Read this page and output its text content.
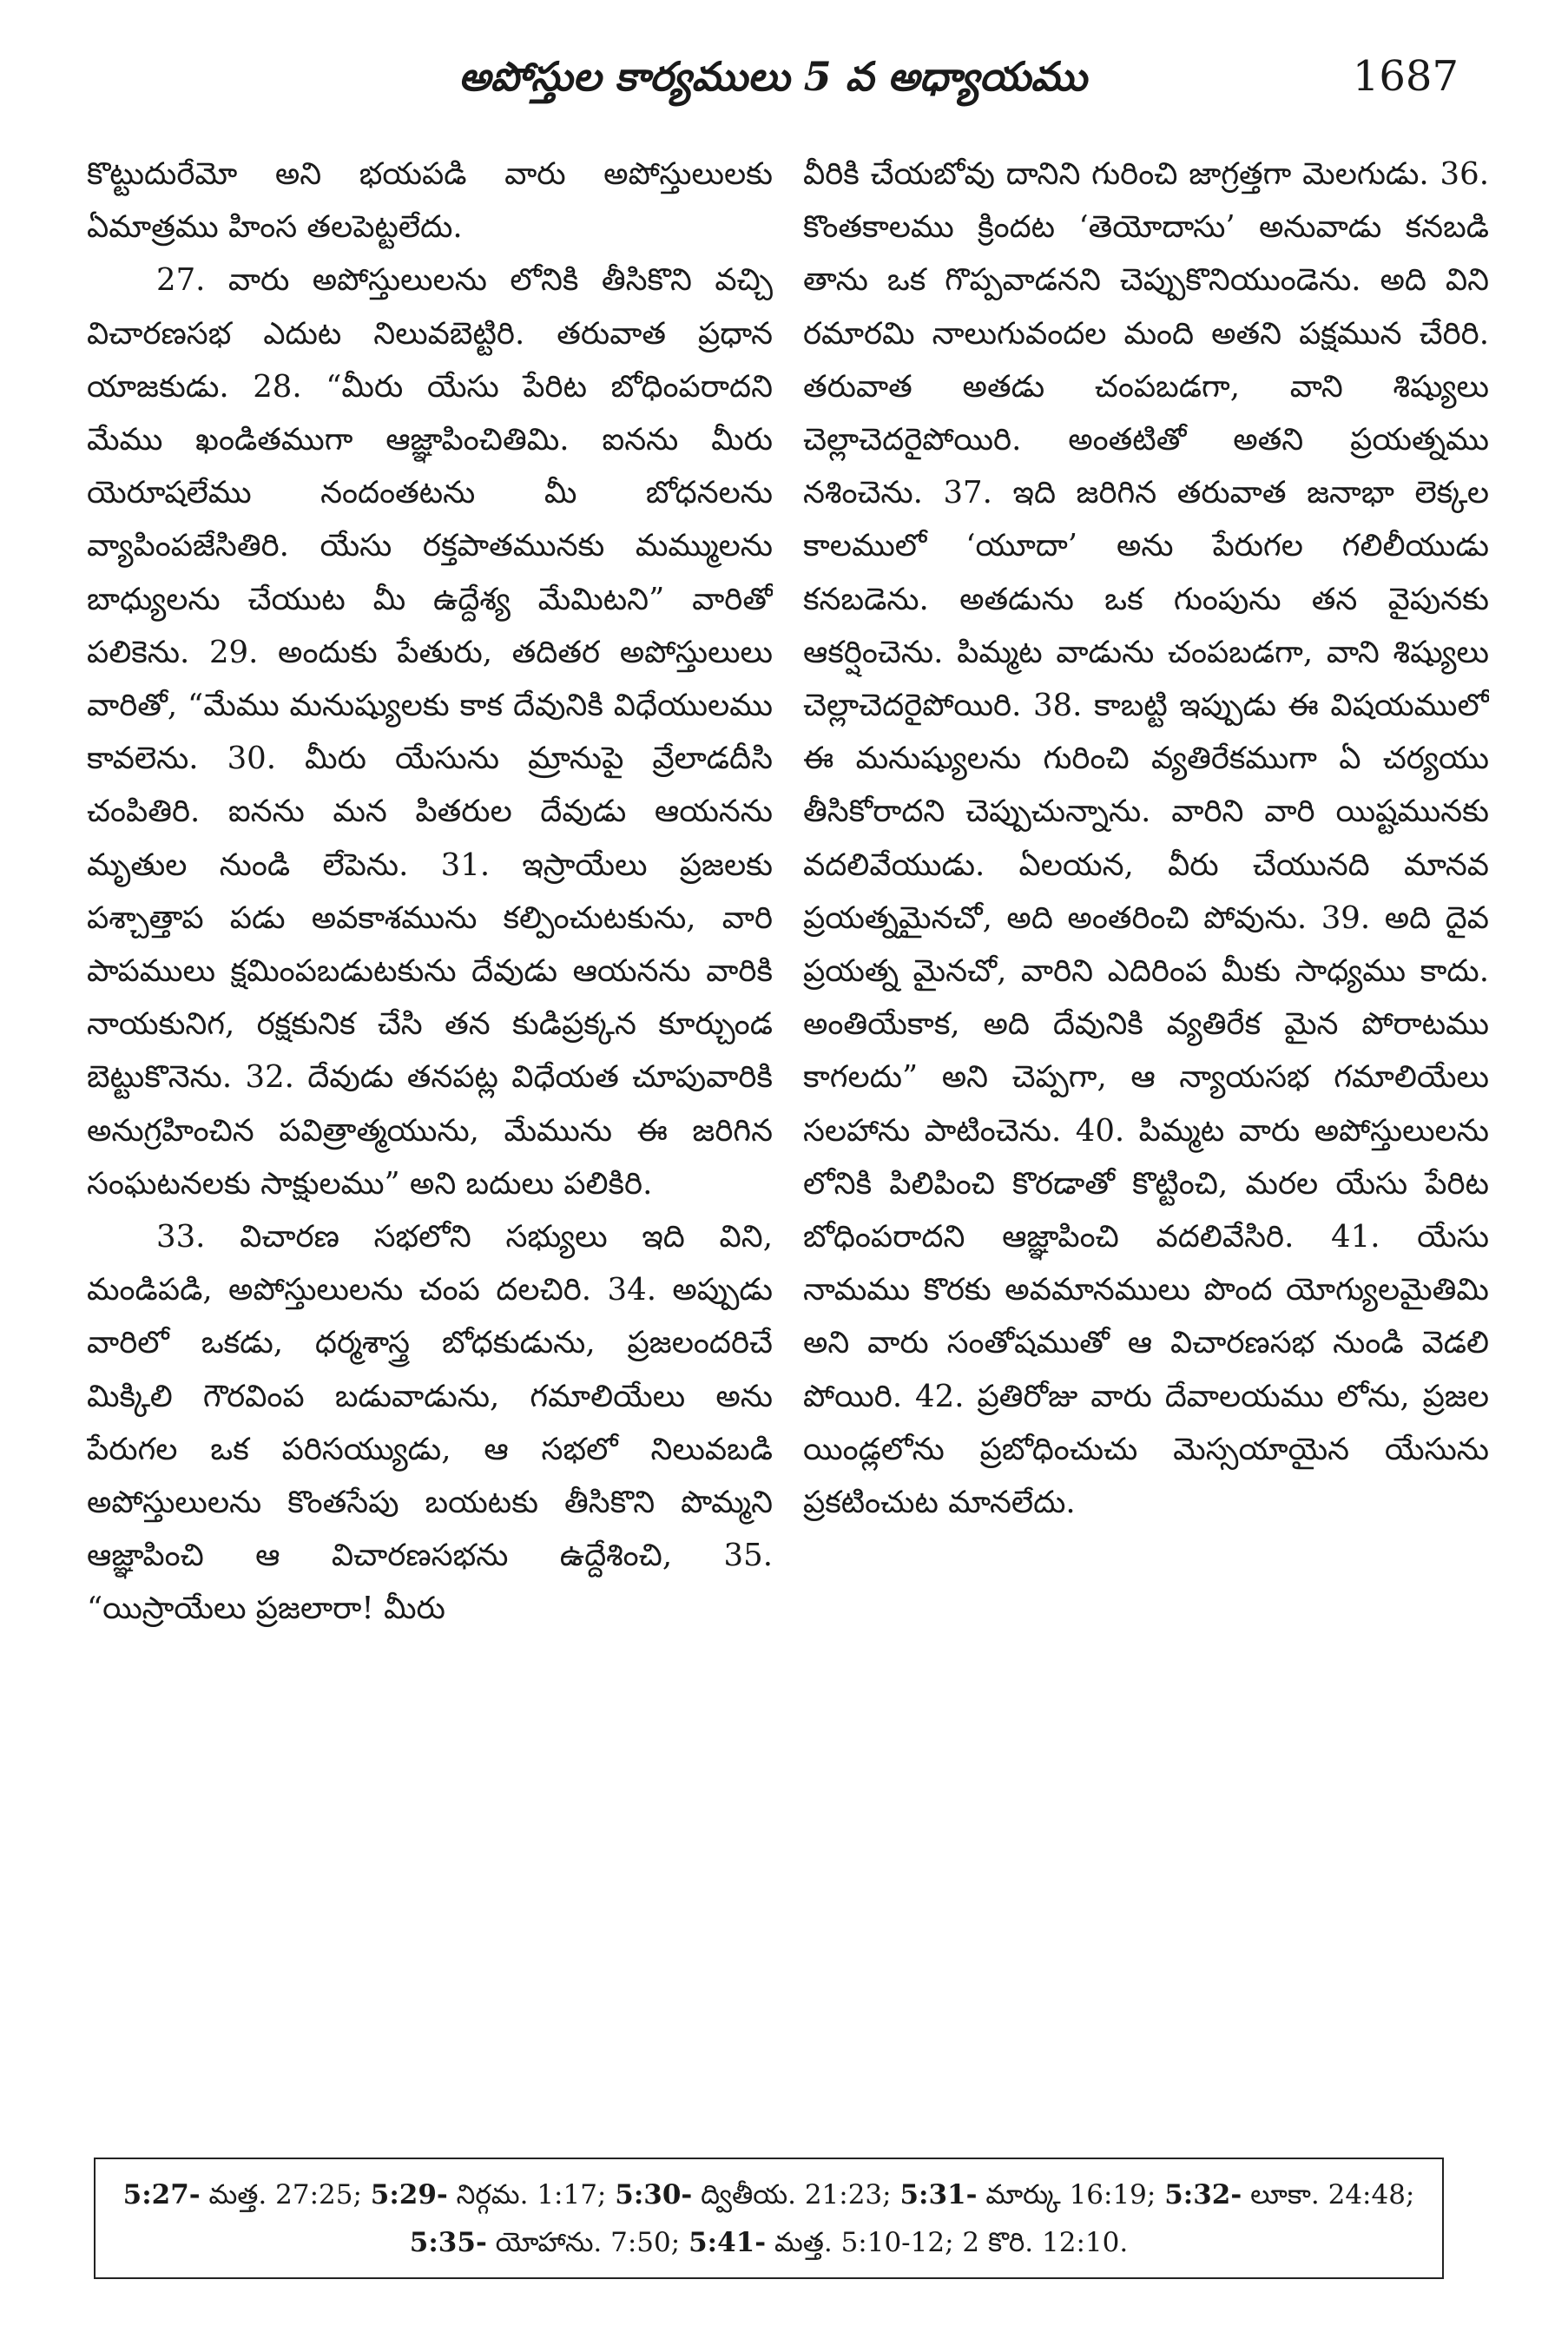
అపోస్తుల కార్యములు 5 వ అధ్యాయము	1687

కొట్టుదురేమో అని భయపడి వారు అపోస్తులులకు ఏమాత్రము హింస తలపెట్టలేదు.

27. వారు అపోస్తులులను లోనికి తీసికొని వచ్చి విచారణసభ ఎదుట నిలువబెట్టిరి. తరువాత ప్రధాన యాజకుడు. 28. “మీరు యేసు పేరిట బోధింపరాదని మేము ఖండితముగా ఆజ్ఞాపించితిమి. ఐనను మీరు యెరూషలేము నందంతటను మీ బోధనలను వ్యాపింపజేసితిరి. యేసు రక్తపాతమునకు మమ్ములను బాధ్యులను చేయుట మీ ఉద్దేశ్య మేమిటని” వారితో పలికెను. 29. అందుకు పేతురు, తదితర అపోస్తులులు వారితో, “మేము మనుష్యులకు కాక దేవునికి విధేయులము కావలెను. 30. మీరు యేసును మ్రానుపై వ్రేలాడదీసి చంపితిరి. ఐనను మన పితరుల దేవుడు ఆయనను మృతుల నుండి లేపెను. 31. ఇస్రాయేలు ప్రజలకు పశ్చాత్తాప పడు అవకాశమును కల్పించుటకును, వారి పాపములు క్షమింపబడుటకును దేవుడు ఆయనను వారికి నాయకునిగ, రక్షకునిక చేసి తన కుడిప్రక్కన కూర్చుండ బెట్టుకొనెను. 32. దేవుడు తనపట్ల విధేయత చూపువారికి అనుగ్రహించిన పవిత్రాత్మయును, మేమును ఈ జరిగిన సంఘటనలకు సాక్షులము” అని బదులు పలికిరి.

33. విచారణ సభలోని సభ్యులు ఇది విని, మండిపడి, అపోస్తులులను చంప దలచిరి. 34. అప్పుడు వారిలో ఒకడు, ధర్మశాస్త్ర బోధకుడును, ప్రజలందరిచే మిక్కిలి గౌరవింప బడువాడును, గమాలియేలు అను పేరుగల ఒక పరిసయ్యుడు, ఆ సభలో నిలువబడి అపోస్తులులను కొంతసేపు బయటకు తీసికొని పొమ్మని ఆజ్ఞాపించి ఆ విచారణసభను ఉద్దేశించి, 35. “యిస్రాయేలు ప్రజలారా! మీరు

వీరికి చేయబోవు దానిని గురించి జాగ్రత్తగా మెలగుడు. 36. కొంతకాలము క్రిందట ‘తెయోదాసు’ అనువాడు కనబడి తాను ఒక గొప్పవాడనని చెప్పుకొనియుండెను. అది విని రమారమి నాలుగువందల మంది అతని పక్షమున చేరిరి. తరువాత అతడు చంపబడగా, వాని శిష్యులు చెల్లాచెదరైపోయిరి. అంతటితో అతని ప్రయత్నము నశించెను. 37. ఇది జరిగిన తరువాత జనాభా లెక్కల కాలములో ‘యూదా’ అను పేరుగల గలిలీయుడు కనబడెను. అతడును ఒక గుంపును తన వైపునకు ఆకర్షించెను. పిమ్మట వాడును చంపబడగా, వాని శిష్యులు చెల్లాచెదరైపోయిరి. 38. కాబట్టి ఇప్పుడు ఈ విషయములో ఈ మనుష్యులను గురించి వ్యతిరేకముగా ఏ చర్యయు తీసికోరాదని చెప్పుచున్నాను. వారిని వారి యిష్టమునకు వదలివేయుడు. ఏలయన, వీరు చేయునది మానవ ప్రయత్నమైనచో, అది అంతరించి పోవును. 39. అది దైవ ప్రయత్న మైనచో, వారిని ఎదిరింప మీకు సాధ్యము కాదు. అంతియేకాక, అది దేవునికి వ్యతిరేక మైన పోరాటము కాగలదు” అని చెప్పగా, ఆ న్యాయసభ గమాలియేలు సలహాను పాటించెను. 40. పిమ్మట వారు అపోస్తులులను లోనికి పిలిపించి కొరడాతో కొట్టించి, మరల యేసు పేరిట బోధింపరాదని ఆజ్ఞాపించి వదలివేసిరి. 41. యేసు నామము కొరకు అవమానములు పొంద యోగ్యులమైతిమి అని వారు సంతోషముతో ఆ విచారణసభ నుండి వెడలి పోయిరి. 42. ప్రతిరోజు వారు దేవాలయము లోను, ప్రజల యిండ్లలోను ప్రబోధించుచు మెస్సయాయైన యేసును ప్రకటించుట మానలేదు.

5:27- మత్త. 27:25; 5:29- నిర్గమ. 1:17; 5:30- ద్వితీయ. 21:23; 5:31- మార్కు 16:19; 5:32- లూకా. 24:48; 5:35- యోహాను. 7:50; 5:41- మత్త. 5:10-12; 2 కొరి. 12:10.
